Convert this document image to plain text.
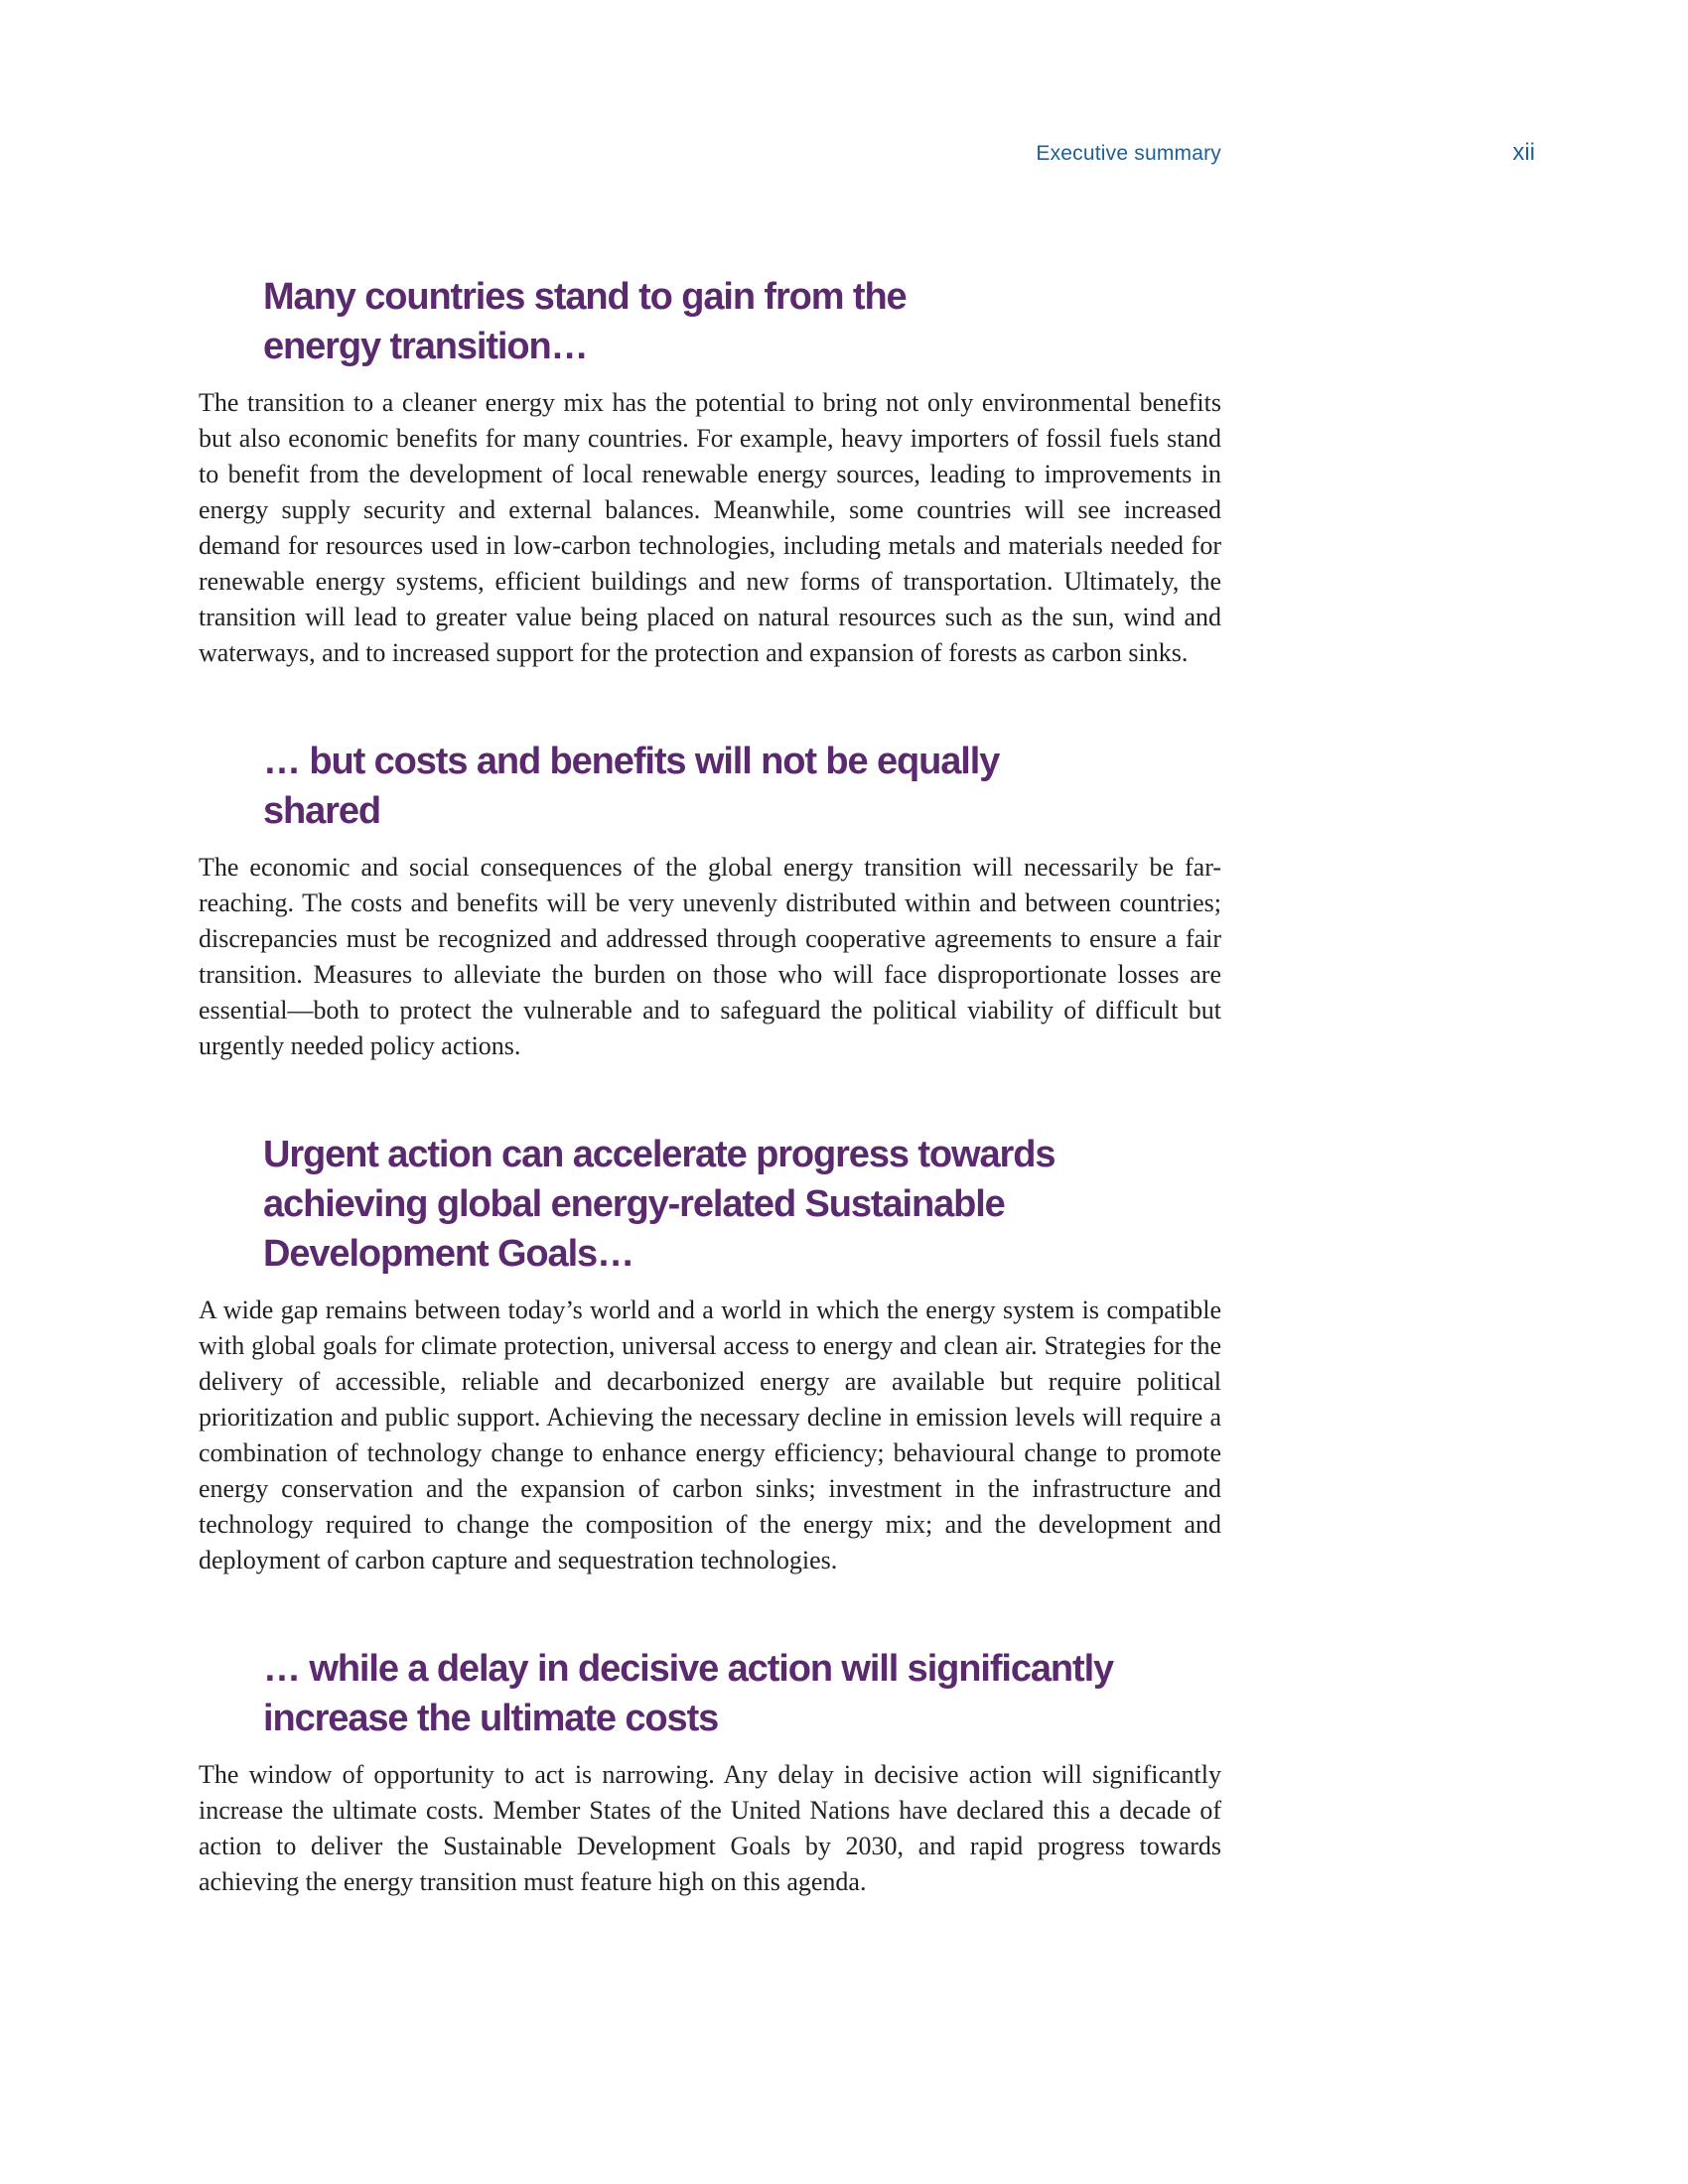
Executive summary	xii
Many countries stand to gain from the
energy transition…

The transition to a cleaner energy mix has the potential to bring not only environmental benefits but also economic benefits for many countries. For example, heavy importers of fossil fuels stand to benefit from the development of local renewable energy sources, leading to improvements in energy supply security and external balances. Meanwhile, some countries will see increased demand for resources used in low-carbon technologies, including metals and materials needed for renewable energy systems, efficient buildings and new forms of transportation. Ultimately, the transition will lead to greater value being placed on natural resources such as the sun, wind and waterways, and to increased support for the protection and expansion of forests as carbon sinks.

… but costs and benefits will not be equally shared

The economic and social consequences of the global energy transition will necessarily be far-reaching. The costs and benefits will be very unevenly distributed within and between countries; discrepancies must be recognized and addressed through cooperative agreements to ensure a fair transition. Measures to alleviate the burden on those who will face disproportionate losses are essential—both to protect the vulnerable and to safeguard the political viability of difficult but urgently needed policy actions.

Urgent action can accelerate progress towards
achieving global energy-related Sustainable
Development Goals…

A wide gap remains between today’s world and a world in which the energy system is compatible with global goals for climate protection, universal access to energy and clean air. Strategies for the delivery of accessible, reliable and decarbonized energy are available but require political prioritization and public support. Achieving the necessary decline in emission levels will require a combination of technology change to enhance energy efficiency; behavioural change to promote energy conservation and the expansion of carbon sinks; investment in the infrastructure and technology required to change the composition of the energy mix; and the development and deployment of carbon capture and sequestration technologies.

… while a delay in decisive action will significantly
increase the ultimate costs

The window of opportunity to act is narrowing. Any delay in decisive action will significantly increase the ultimate costs. Member States of the United Nations have declared this a decade of action to deliver the Sustainable Development Goals by 2030, and rapid progress towards achieving the energy transition must feature high on this agenda.
